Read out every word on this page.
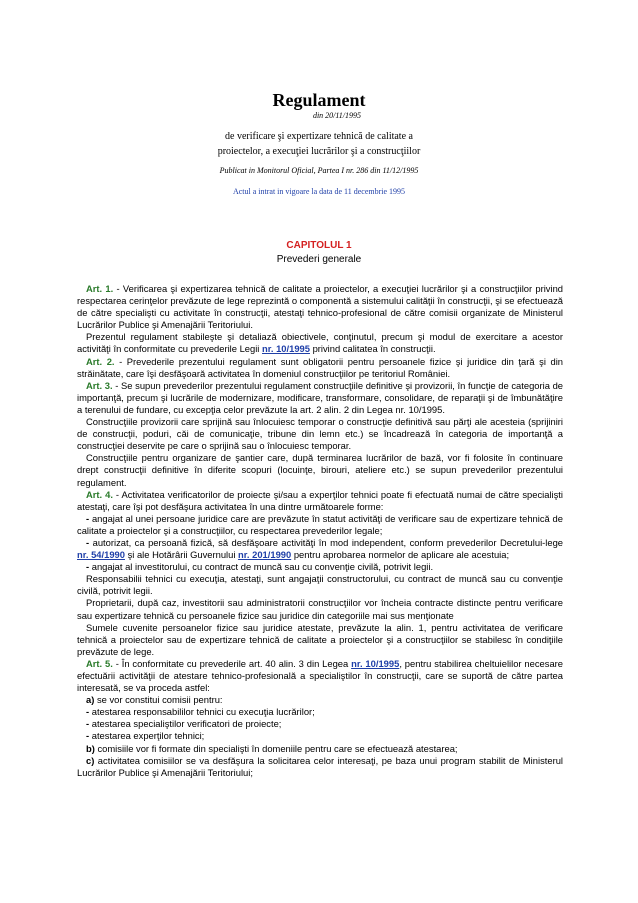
Regulament
din 20/11/1995
de verificare şi expertizare tehnică de calitate a
proiectelor, a execuţiei lucrărilor şi a construcţiilor
Publicat in Monitorul Oficial, Partea I nr. 286 din 11/12/1995
Actul a intrat in vigoare la data de 11 decembrie 1995
CAPITOLUL 1
Prevederi generale

Art. 1. - Verificarea şi expertizarea tehnică de calitate a proiectelor, a execuţiei lucrărilor şi a construcţiilor privind respectarea cerinţelor prevăzute de lege reprezintă o componentă a sistemului calităţii în construcţii, şi se efectuează de către specialişti cu activitate în construcţii, atestaţi tehnico-profesional de către comisii organizate de Ministerul Lucrărilor Publice şi Amenajării Teritoriului.

Prezentul regulament stabileşte şi detaliază obiectivele, conţinutul, precum şi modul de exercitare a acestor activităţi în conformitate cu prevederile Legii nr. 10/1995 privind calitatea în construcţii.

Art. 2. - Prevederile prezentului regulament sunt obligatorii pentru persoanele fizice şi juridice din ţară şi din străinătate, care îşi desfăşoară activitatea în domeniul construcţiilor pe teritoriul României.

Art. 3. - Se supun prevederilor prezentului regulament construcţiile definitive şi provizorii, în funcţie de categoria de importanţă, precum şi lucrările de modernizare, modificare, transformare, consolidare, de reparaţii şi de îmbunătăţire a terenului de fundare, cu excepţia celor prevăzute la art. 2 alin. 2 din Legea nr. 10/1995.

Construcţiile provizorii care sprijină sau înlocuiesc temporar o construcţie definitivă sau părţi ale acesteia (sprijiniri de construcţii, poduri, căi de comunicaţie, tribune din lemn etc.) se încadrează în categoria de importanţă a construcţiei deservite pe care o sprijină sau o înlocuiesc temporar.

Construcţiile pentru organizare de şantier care, după terminarea lucrărilor de bază, vor fi folosite în continuare drept construcţii definitive în diferite scopuri (locuinţe, birouri, ateliere etc.) se supun prevederilor prezentului regulament.

Art. 4. - Activitatea verificatorilor de proiecte şi/sau a experţilor tehnici poate fi efectuată numai de către specialişti atestaţi, care îşi pot desfăşura activitatea în una dintre următoarele forme:

- angajat al unei persoane juridice care are prevăzute în statut activităţi de verificare sau de expertizare tehnică de calitate a proiectelor şi a construcţiilor, cu respectarea prevederilor legale;

- autorizat, ca persoană fizică, să desfăşoare activităţi în mod independent, conform prevederilor Decretului-lege nr. 54/1990 şi ale Hotărârii Guvernului nr. 201/1990 pentru aprobarea normelor de aplicare ale acestuia;

- angajat al investitorului, cu contract de muncă sau cu convenţie civilă, potrivit legii.

Responsabilii tehnici cu execuţia, atestaţi, sunt angajaţii constructorului, cu contract de muncă sau cu convenţie civilă, potrivit legii.

Proprietarii, după caz, investitorii sau administratorii construcţiilor vor încheia contracte distincte pentru verificare sau expertizare tehnică cu persoanele fizice sau juridice din categoriile mai sus menţionate

Sumele cuvenite persoanelor fizice sau juridice atestate, prevăzute la alin. 1, pentru activitatea de verificare tehnică a proiectelor sau de expertizare tehnică de calitate a proiectelor şi a construcţiilor se stabilesc în condiţiile prevăzute de lege.

Art. 5. - În conformitate cu prevederile art. 40 alin. 3 din Legea nr. 10/1995, pentru stabilirea cheltuielilor necesare efectuării activităţii de atestare tehnico-profesională a specialiştilor în construcţii, care se suportă de către partea interesată, se va proceda astfel:

a) se vor constitui comisii pentru:

- atestarea responsabililor tehnici cu execuţia lucrărilor;

- atestarea specialiştilor verificatori de proiecte;

- atestarea experţilor tehnici;

b) comisiile vor fi formate din specialişti în domeniile pentru care se efectuează atestarea;

c) activitatea comisiilor se va desfăşura la solicitarea celor interesaţi, pe baza unui program stabilit de Ministerul Lucrărilor Publice şi Amenajării Teritoriului;
